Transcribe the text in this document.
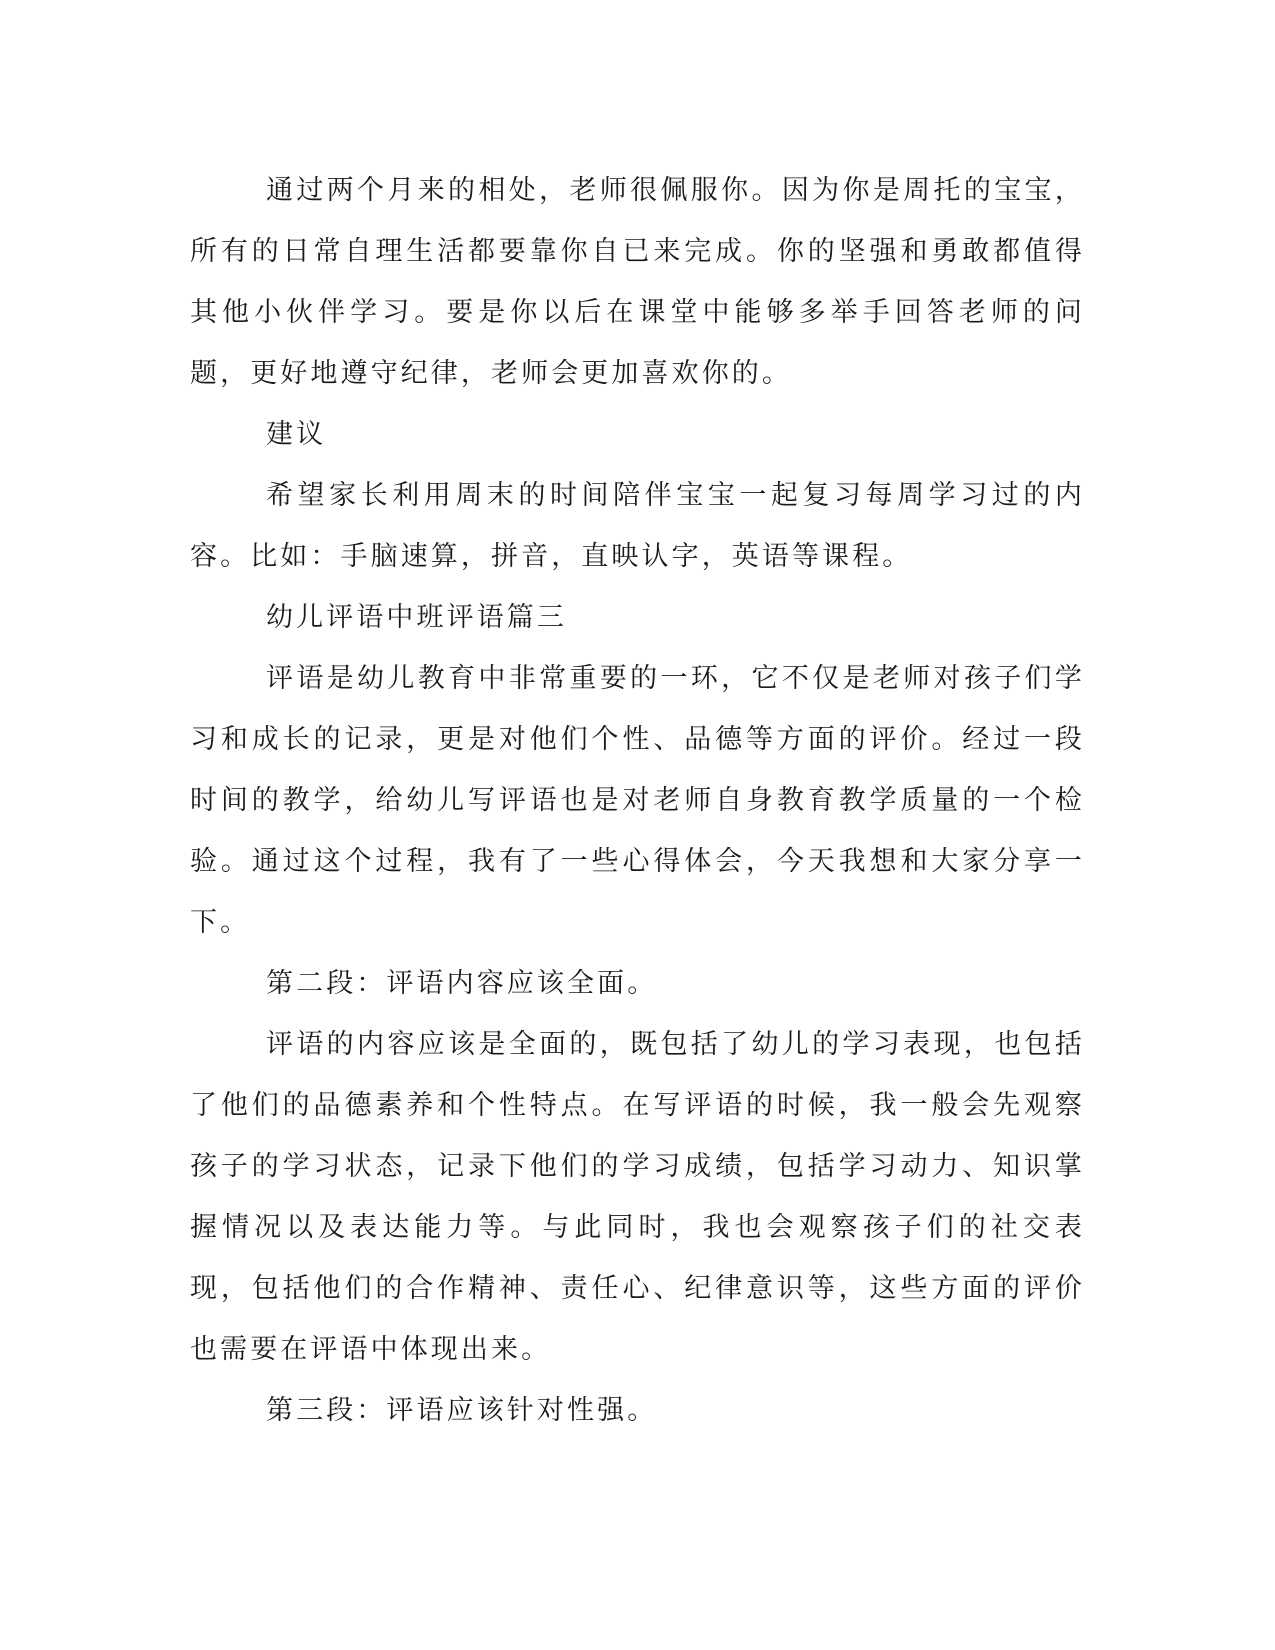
通过两个月来的相处，老师很佩服你。因为你是周托的宝宝，所有的日常自理生活都要靠你自已来完成。你的坚强和勇敢都值得其他小伙伴学习。要是你以后在课堂中能够多举手回答老师的问题，更好地遵守纪律，老师会更加喜欢你的。

建议

希望家长利用周末的时间陪伴宝宝一起复习每周学习过的内容。比如：手脑速算，拼音，直映认字，英语等课程。

幼儿评语中班评语篇三

评语是幼儿教育中非常重要的一环，它不仅是老师对孩子们学习和成长的记录，更是对他们个性、品德等方面的评价。经过一段时间的教学，给幼儿写评语也是对老师自身教育教学质量的一个检验。通过这个过程，我有了一些心得体会，今天我想和大家分享一下。

第二段：评语内容应该全面。

评语的内容应该是全面的，既包括了幼儿的学习表现，也包括了他们的品德素养和个性特点。在写评语的时候，我一般会先观察孩子的学习状态，记录下他们的学习成绩，包括学习动力、知识掌握情况以及表达能力等。与此同时，我也会观察孩子们的社交表现，包括他们的合作精神、责任心、纪律意识等，这些方面的评价也需要在评语中体现出来。

第三段：评语应该针对性强。
